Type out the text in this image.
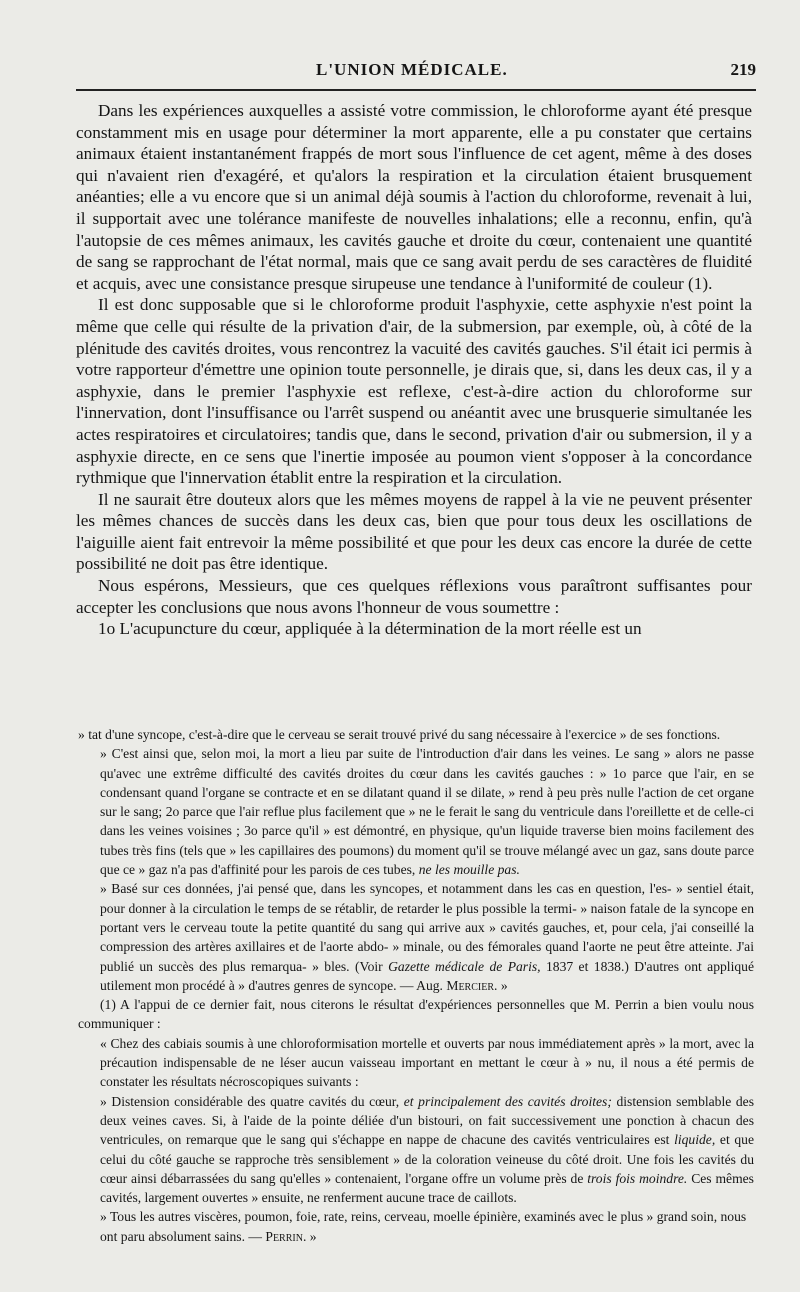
L'UNION MÉDICALE.	219

Dans les expériences auxquelles a assisté votre commission, le chloroforme ayant été presque constamment mis en usage pour déterminer la mort apparente, elle a pu constater que certains animaux étaient instantanément frappés de mort sous l'influence de cet agent, même à des doses qui n'avaient rien d'exagéré, et qu'alors la respiration et la circulation étaient brusquement anéanties; elle a vu encore que si un animal déjà soumis à l'action du chloroforme, revenait à lui, il supportait avec une tolérance manifeste de nouvelles inhalations; elle a reconnu, enfin, qu'à l'autopsie de ces mêmes animaux, les cavités gauche et droite du cœur, contenaient une quantité de sang se rapprochant de l'état normal, mais que ce sang avait perdu de ses caractères de fluidité et acquis, avec une consistance presque sirupeuse une tendance à l'uniformité de couleur (1).

Il est donc supposable que si le chloroforme produit l'asphyxie, cette asphyxie n'est point la même que celle qui résulte de la privation d'air, de la submersion, par exemple, où, à côté de la plénitude des cavités droites, vous rencontrez la vacuité des cavités gauches. S'il était ici permis à votre rapporteur d'émettre une opinion toute personnelle, je dirais que, si, dans les deux cas, il y a asphyxie, dans le premier l'asphyxie est reflexe, c'est-à-dire action du chloroforme sur l'innervation, dont l'insuffisance ou l'arrêt suspend ou anéantit avec une brusquerie simultanée les actes respiratoires et circulatoires; tandis que, dans le second, privation d'air ou submersion, il y a asphyxie directe, en ce sens que l'inertie imposée au poumon vient s'opposer à la concordance rythmique que l'innervation établit entre la respiration et la circulation.

Il ne saurait être douteux alors que les mêmes moyens de rappel à la vie ne peuvent présenter les mêmes chances de succès dans les deux cas, bien que pour tous deux les oscillations de l'aiguille aient fait entrevoir la même possibilité et que pour les deux cas encore la durée de cette possibilité ne doit pas être identique.

Nous espérons, Messieurs, que ces quelques réflexions vous paraîtront suffisantes pour accepter les conclusions que nous avons l'honneur de vous soumettre :

1o L'acupuncture du cœur, appliquée à la détermination de la mort réelle est un

» tat d'une syncope, c'est-à-dire que le cerveau se serait trouvé privé du sang nécessaire à l'exercice » de ses fonctions.

» C'est ainsi que, selon moi, la mort a lieu par suite de l'introduction d'air dans les veines. Le sang » alors ne passe qu'avec une extrême difficulté des cavités droites du cœur dans les cavités gauches : » 1o parce que l'air, en se condensant quand l'organe se contracte et en se dilatant quand il se dilate, » rend à peu près nulle l'action de cet organe sur le sang; 2o parce que l'air reflue plus facilement que » ne le ferait le sang du ventricule dans l'oreillette et de celle-ci dans les veines voisines ; 3o parce qu'il » est démontré, en physique, qu'un liquide traverse bien moins facilement des tubes très fins (tels que » les capillaires des poumons) du moment qu'il se trouve mélangé avec un gaz, sans doute parce que ce » gaz n'a pas d'affinité pour les parois de ces tubes, ne les mouille pas.

» Basé sur ces données, j'ai pensé que, dans les syncopes, et notamment dans les cas en question, l'es- » sentiel était, pour donner à la circulation le temps de se rétablir, de retarder le plus possible la termi- » naison fatale de la syncope en portant vers le cerveau toute la petite quantité du sang qui arrive aux » cavités gauches, et, pour cela, j'ai conseillé la compression des artères axillaires et de l'aorte abdo- » minale, ou des fémorales quand l'aorte ne peut être atteinte. J'ai publié un succès des plus remarqua- » bles. (Voir Gazette médicale de Paris, 1837 et 1838.) D'autres ont appliqué utilement mon procédé à » d'autres genres de syncope. — Aug. Mercier. »

(1) A l'appui de ce dernier fait, nous citerons le résultat d'expériences personnelles que M. Perrin a bien voulu nous communiquer :

« Chez des cabiais soumis à une chloroformisation mortelle et ouverts par nous immédiatement après » la mort, avec la précaution indispensable de ne léser aucun vaisseau important en mettant le cœur à » nu, il nous a été permis de constater les résultats nécroscopiques suivants :

» Distension considérable des quatre cavités du cœur, et principalement des cavités droites; distension semblable des deux veines caves. Si, à l'aide de la pointe déliée d'un bistouri, on fait successivement une ponction à chacun des ventricules, on remarque que le sang qui s'échappe en nappe de chacune des cavités ventriculaires est liquide, et que celui du côté gauche se rapproche très sensiblement » de la coloration veineuse du côté droit. Une fois les cavités du cœur ainsi débarrassées du sang qu'elles » contenaient, l'organe offre un volume près de trois fois moindre. Ces mêmes cavités, largement ouvertes » ensuite, ne renferment aucune trace de caillots.

» Tous les autres viscères, poumon, foie, rate, reins, cerveau, moelle épinière, examinés avec le plus » grand soin, nous ont paru absolument sains. — Perrin. »
